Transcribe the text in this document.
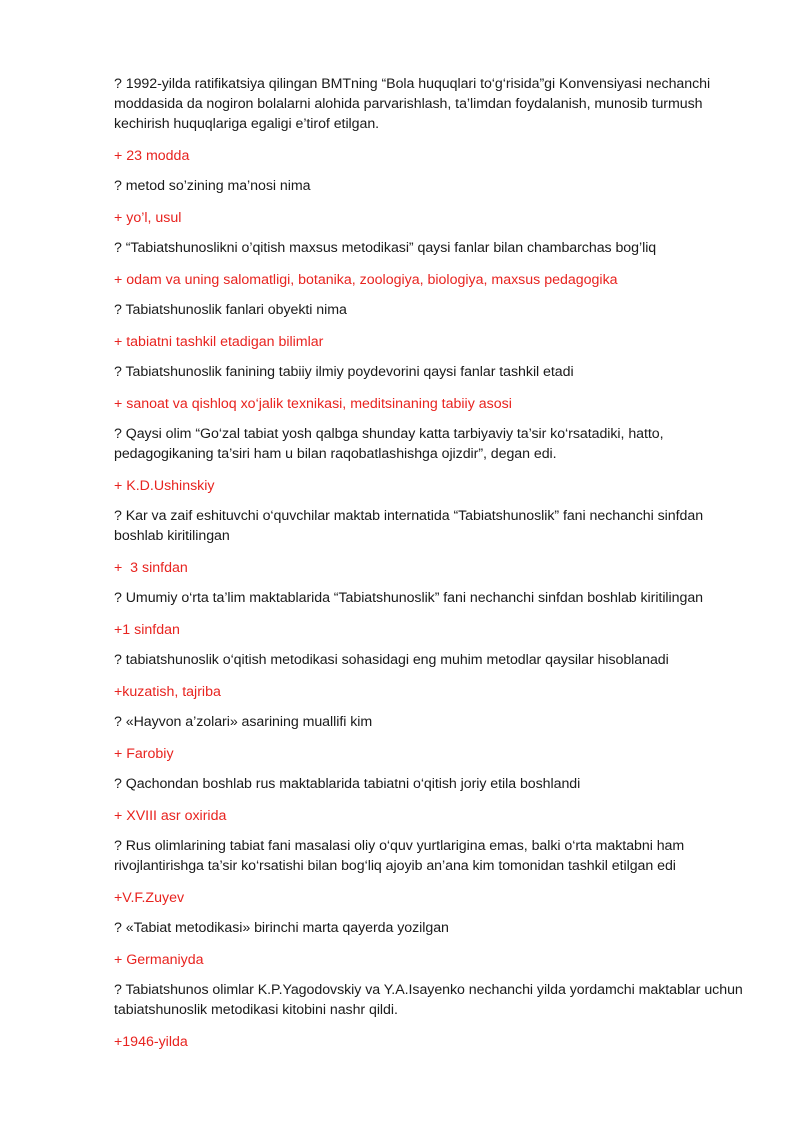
? 1992-yilda ratifikatsiya qilingan BMTning “Bola huquqlari to‘g‘risida”gi Konvensiyasi nechanchi moddasida da nogiron bolalarni alohida parvarishlash, ta’limdan foydalanish, munosib turmush kechirish huquqlariga egaligi e’tirof etilgan.

+ 23 modda

? metod so’zining ma’nosi nima

+ yo’l, usul

? “Tabiatshunoslikni o’qitish maxsus metodikasi” qaysi fanlar bilan chambarchas bog’liq

+ odam va uning salomatligi, botanika, zoologiya, biologiya, maxsus pedagogika

? Tabiatshunoslik fanlari obyekti nima

+ tabiatni tashkil etadigan bilimlar

? Tabiatshunoslik fanining tabiiy ilmiy poydevorini qaysi fanlar tashkil etadi

+ sanoat va qishloq xo‘jalik texnikasi, meditsinaning tabiiy asosi

? Qaysi olim “Go‘zal tabiat yosh qalbga shunday katta tarbiyaviy ta’sir ko‘rsatadiki, hatto, pedagogikaning ta’siri ham u bilan raqobatlashishga ojizdir”, degan edi.

+ K.D.Ushinskiy

? Kar va zaif eshituvchi o‘quvchilar maktab internatida “Tabiatshunoslik” fani nechanchi sinfdan boshlab kiritilingan

+  3 sinfdan

? Umumiy o‘rta ta’lim maktablarida “Tabiatshunoslik” fani nechanchi sinfdan boshlab kiritilingan

+1 sinfdan

? tabiatshunoslik o‘qitish metodikasi sohasidagi eng muhim metodlar qaysilar hisoblanadi

+kuzatish, tajriba

? «Hayvon a’zolari» asarining muallifi kim

+ Farobiy

? Qachondan boshlab rus maktablarida tabiatni o‘qitish joriy etila boshlandi

+ XVIII asr oxirida

? Rus olimlarining tabiat fani masalasi oliy o‘quv yurtlarigina emas, balki o‘rta maktabni ham rivojlantirishga ta’sir ko‘rsatishi bilan bog‘liq ajoyib an’ana kim tomonidan tashkil etilgan edi

+V.F.Zuyev

? «Tabiat metodikasi» birinchi marta qayerda yozilgan

+ Germaniyda

? Tabiatshunos olimlar K.P.Yagodovskiy va Y.A.Isayenko nechanchi yilda yordamchi maktablar uchun tabiatshunoslik metodikasi kitobini nashr qildi.

+1946-yilda
